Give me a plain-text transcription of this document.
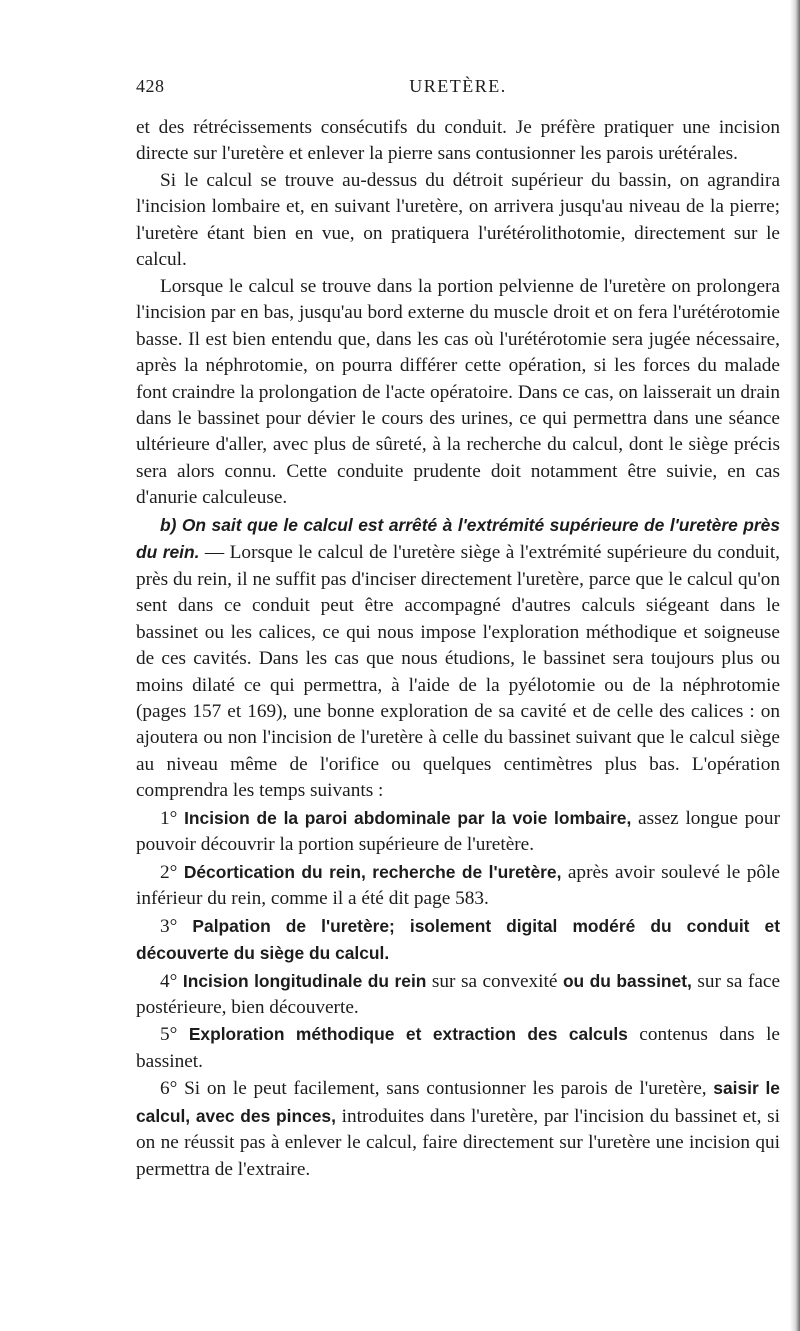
428	URETÈRE.

et des rétrécissements consécutifs du conduit. Je préfère pratiquer une incision directe sur l'uretère et enlever la pierre sans contusionner les parois urétérales.

Si le calcul se trouve au-dessus du détroit supérieur du bassin, on agrandira l'incision lombaire et, en suivant l'uretère, on arrivera jusqu'au niveau de la pierre; l'uretère étant bien en vue, on pratiquera l'urétérolithotomie, directement sur le calcul.

Lorsque le calcul se trouve dans la portion pelvienne de l'uretère on prolongera l'incision par en bas, jusqu'au bord externe du muscle droit et on fera l'urétérotomie basse. Il est bien entendu que, dans les cas où l'urétérotomie sera jugée nécessaire, après la néphrotomie, on pourra différer cette opération, si les forces du malade font craindre la prolongation de l'acte opératoire. Dans ce cas, on laisserait un drain dans le bassinet pour dévier le cours des urines, ce qui permettra dans une séance ultérieure d'aller, avec plus de sûreté, à la recherche du calcul, dont le siège précis sera alors connu. Cette conduite prudente doit notamment être suivie, en cas d'anurie calculeuse.

b) On sait que le calcul est arrêté à l'extrémité supérieure de l'uretère près du rein. — Lorsque le calcul de l'uretère siège à l'extrémité supérieure du conduit, près du rein, il ne suffit pas d'inciser directement l'uretère, parce que le calcul qu'on sent dans ce conduit peut être accompagné d'autres calculs siégeant dans le bassinet ou les calices, ce qui nous impose l'exploration méthodique et soigneuse de ces cavités. Dans les cas que nous étudions, le bassinet sera toujours plus ou moins dilaté ce qui permettra, à l'aide de la pyélotomie ou de la néphrotomie (pages 157 et 169), une bonne exploration de sa cavité et de celle des calices : on ajoutera ou non l'incision de l'uretère à celle du bassinet suivant que le calcul siège au niveau même de l'orifice ou quelques centimètres plus bas. L'opération comprendra les temps suivants :

1° Incision de la paroi abdominale par la voie lombaire, assez longue pour pouvoir découvrir la portion supérieure de l'uretère.

2° Décortication du rein, recherche de l'uretère, après avoir soulevé le pôle inférieur du rein, comme il a été dit page 583.

3° Palpation de l'uretère; isolement digital modéré du conduit et découverte du siège du calcul.

4° Incision longitudinale du rein sur sa convexité ou du bassinet, sur sa face postérieure, bien découverte.

5° Exploration méthodique et extraction des calculs contenus dans le bassinet.

6° Si on le peut facilement, sans contusionner les parois de l'uretère, saisir le calcul, avec des pinces, introduites dans l'uretère, par l'incision du bassinet et, si on ne réussit pas à enlever le calcul, faire directement sur l'uretère une incision qui permettra de l'extraire.
